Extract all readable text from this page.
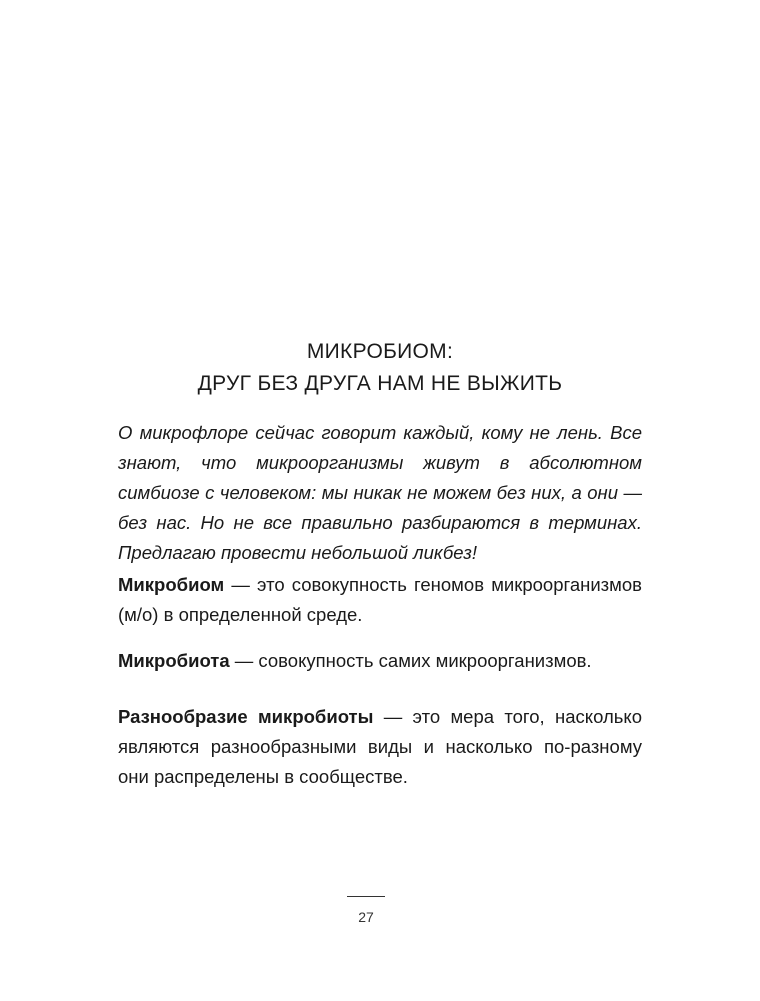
МИКРОБИОМ:
ДРУГ БЕЗ ДРУГА НАМ НЕ ВЫЖИТЬ

О микрофлоре сейчас говорит каждый, кому не лень. Все знают, что микроорганизмы живут в абсолютном симбиозе с человеком: мы никак не можем без них, а они — без нас. Но не все правильно разбираются в терминах. Предлагаю провести небольшой ликбез!

Микробиом — это совокупность геномов микроорганизмов (м/о) в определенной среде.

Микробиота — совокупность самих микроорганизмов.

Разнообразие микробиоты — это мера того, насколько являются разнообразными виды и насколько по-разному они распределены в сообществе.

27
